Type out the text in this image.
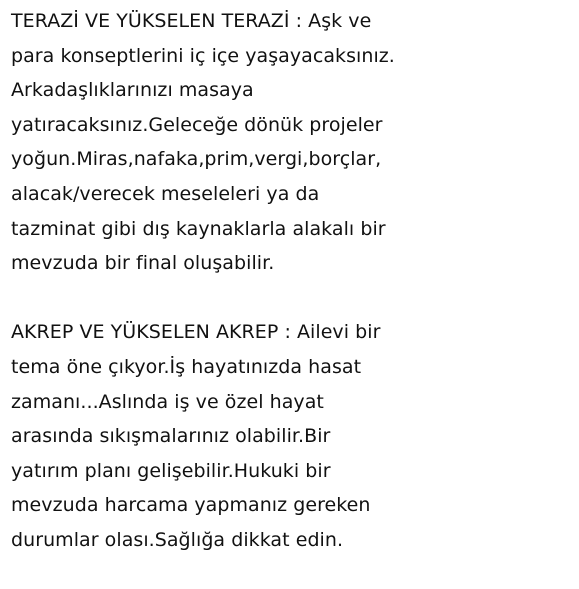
TERAZİ VE YÜKSELEN TERAZİ : Aşk ve
para konseptlerini iç içe yaşayacaksınız.
Arkadaşlıklarınızı masaya
yatıracaksınız.Geleceğe dönük projeler
yoğun.Miras,nafaka,prim,vergi,borçlar,
alacak/verecek meseleleri ya da
tazminat gibi dış kaynaklarla alakalı bir
mevzuda bir final oluşabilir.

AKREP VE YÜKSELEN AKREP : Ailevi bir
tema öne çıkyor.İş hayatınızda hasat
zamanı...Aslında iş ve özel hayat
arasında sıkışmalarınız olabilir.Bir
yatırım planı gelişebilir.Hukuki bir
mevzuda harcama yapmanız gereken
durumlar olası.Sağlığa dikkat edin.
